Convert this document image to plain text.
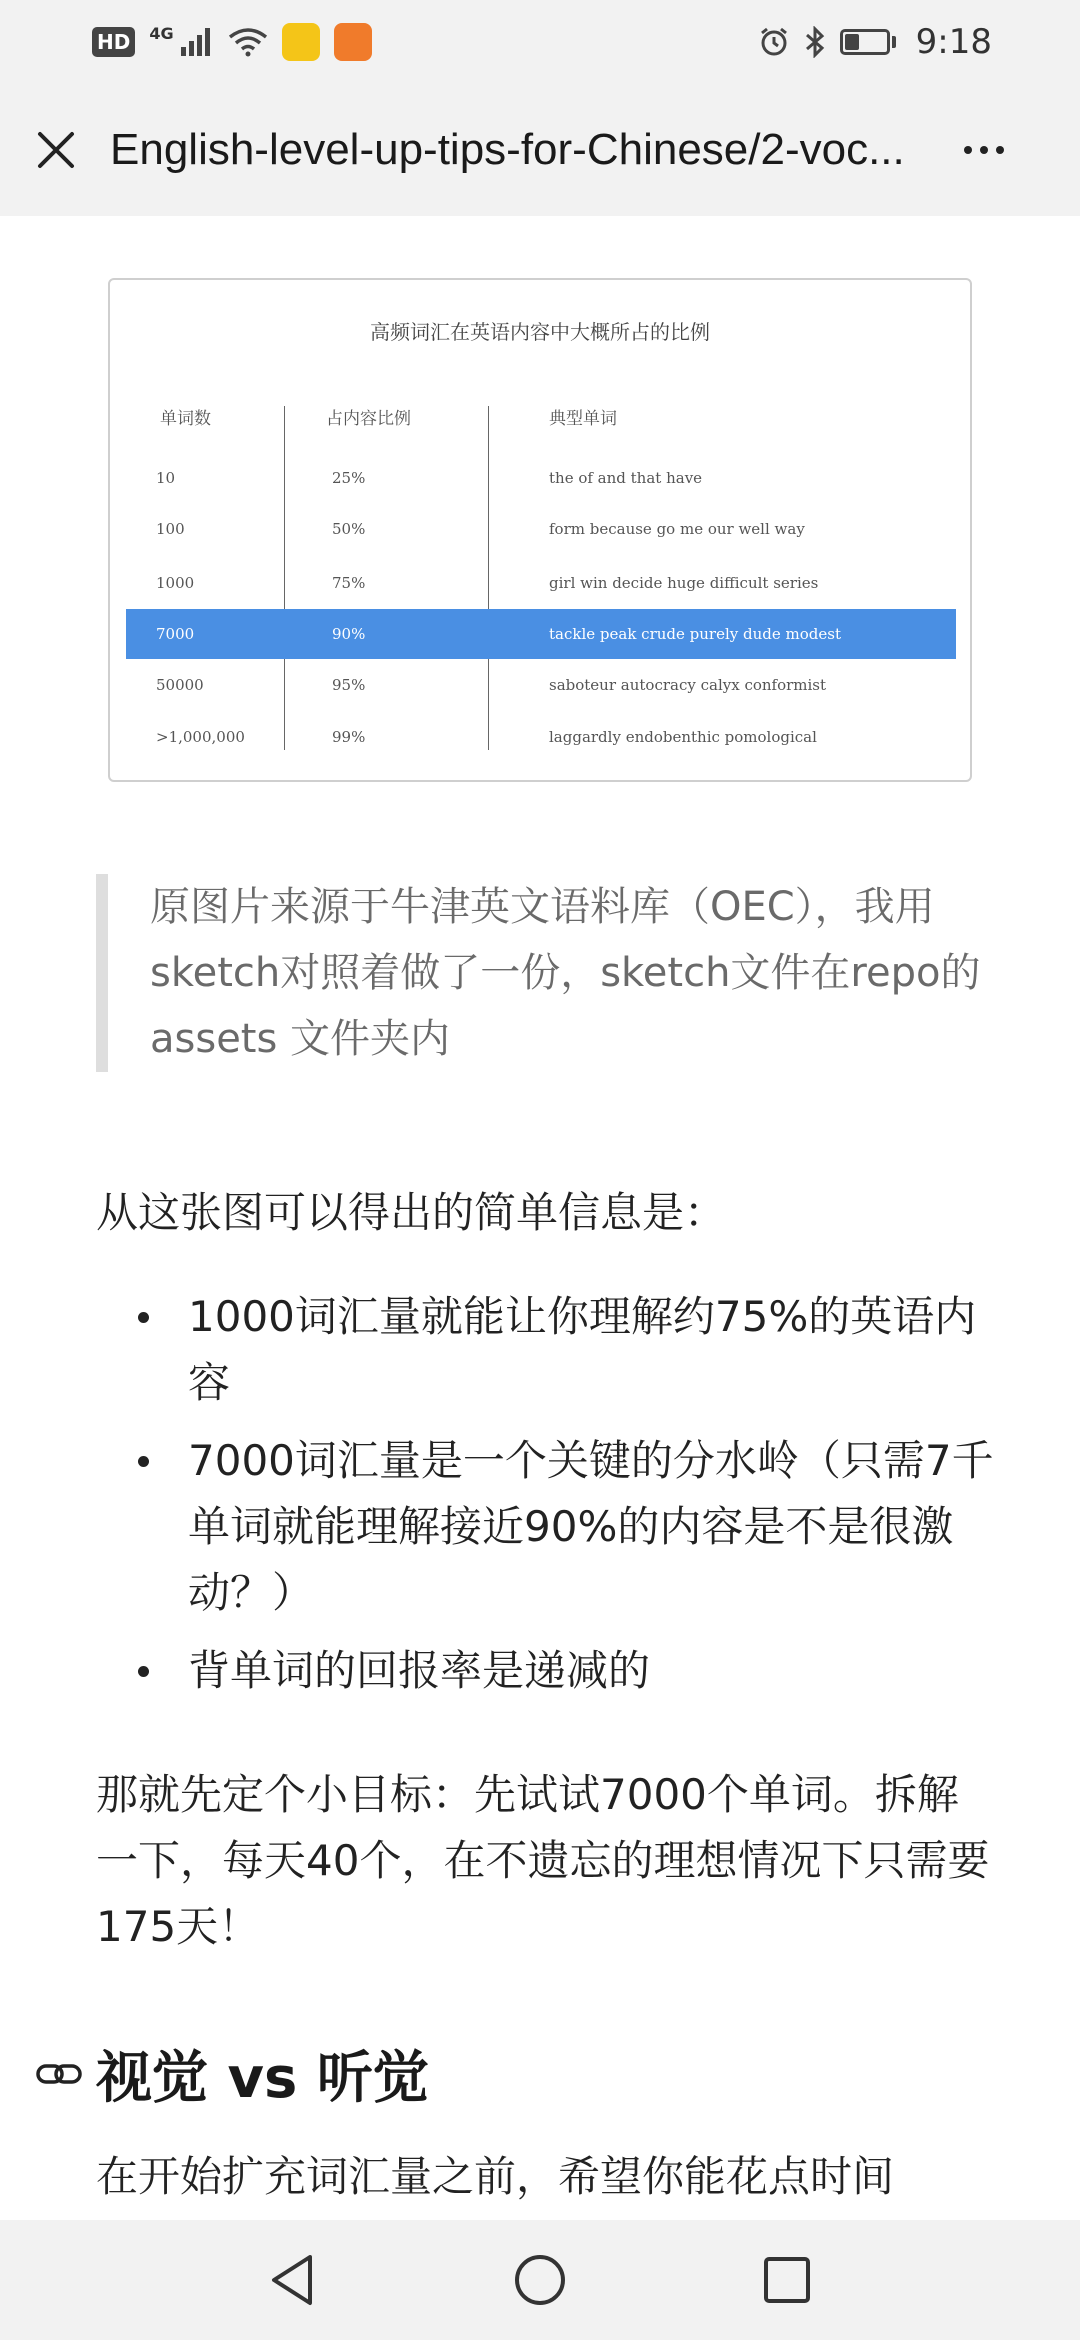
HD	4G	9:18
English-level-up-tips-for-Chinese/2-voc...
高频词汇在英语内容中大概所占的比例
单词数	占内容比例	典型单词
10	25%	the of and that have
100	50%	form because go me our well way
1000	75%	girl win decide huge difficult series
7000	90%	tackle peak crude purely dude modest
50000	95%	saboteur autocracy calyx conformist
>1,000,000	99%	laggardly endobenthic pomological
原图片来源于牛津英文语料库（OEC），我用sketch对照着做了一份，sketch文件在repo的 assets 文件夹内
从这张图可以得出的简单信息是：
1000词汇量就能让你理解约75%的英语内容
7000词汇量是一个关键的分水岭（只需7千单词就能理解接近90%的内容是不是很激动？）
背单词的回报率是递减的
那就先定个小目标：先试试7000个单词。拆解一下，每天40个，在不遗忘的理想情况下只需要175天！
视觉 vs 听觉
在开始扩充词汇量之前，希望你能花点时间
